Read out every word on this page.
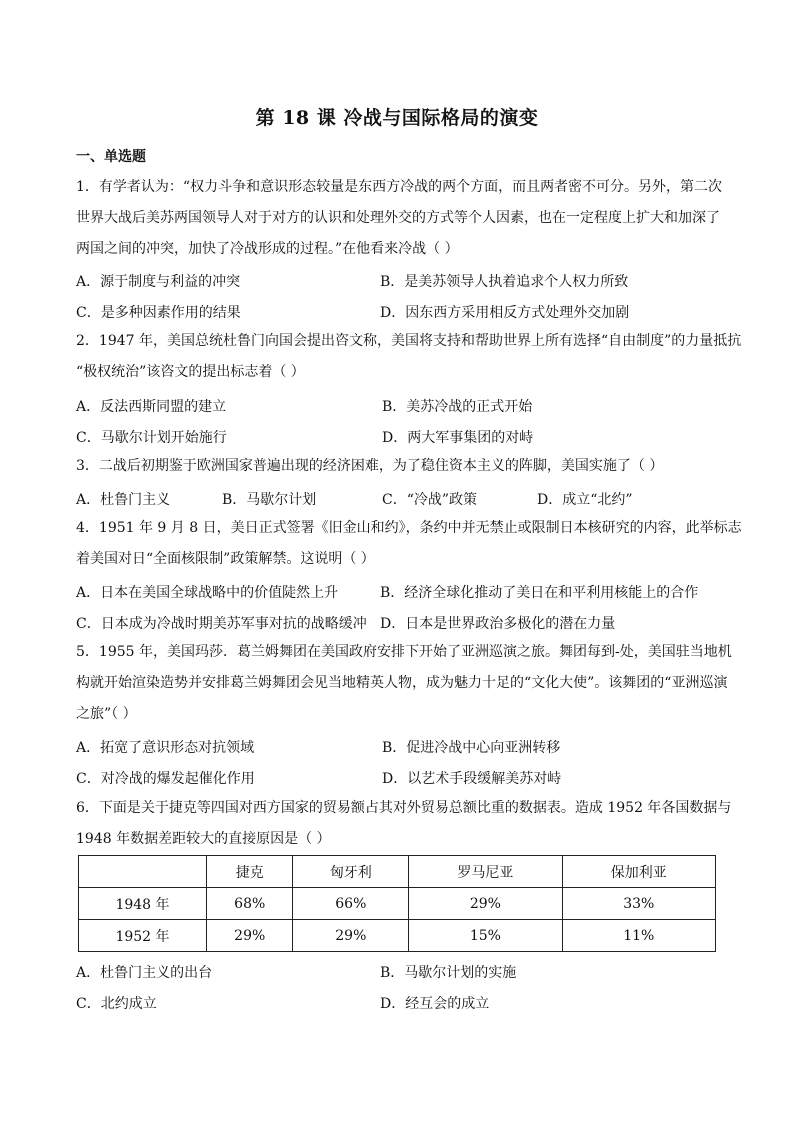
第 18 课 冷战与国际格局的演变
一、单选题
1．有学者认为：“权力斗争和意识形态较量是东西方冷战的两个方面，而且两者密不可分。另外，第二次
世界大战后美苏两国领导人对于对方的认识和处理外交的方式等个人因素，也在一定程度上扩大和加深了
两国之间的冲突，加快了冷战形成的过程。”在他看来冷战（ ）
A．源于制度与利益的冲突	B．是美苏领导人执着追求个人权力所致
C．是多种因素作用的结果	D．因东西方采用相反方式处理外交加剧
2．1947 年，美国总统杜鲁门向国会提出咨文称，美国将支持和帮助世界上所有选择“自由制度”的力量抵抗
“极权统治”该咨文的提出标志着（ ）
A．反法西斯同盟的建立	B．美苏冷战的正式开始
C．马歇尔计划开始施行	D．两大军事集团的对峙
3．二战后初期鉴于欧洲国家普遍出现的经济困难，为了稳住资本主义的阵脚，美国实施了（ ）
A．杜鲁门主义	B．马歇尔计划	C．“冷战”政策	D．成立“北约”
4．1951 年 9 月 8 日，美日正式签署《旧金山和约》，条约中并无禁止或限制日本核研究的内容，此举标志
着美国对日“全面核限制”政策解禁。这说明（ ）
A．日本在美国全球战略中的价值陡然上升	B．经济全球化推动了美日在和平利用核能上的合作
C．日本成为冷战时期美苏军事对抗的战略缓冲 D．日本是世界政治多极化的潜在力量
5．1955 年，美国玛莎．葛兰姆舞团在美国政府安排下开始了亚洲巡演之旅。舞团每到-处，美国驻当地机
构就开始渲染造势并安排葛兰姆舞团会见当地精英人物，成为魅力十足的“文化大使”。该舞团的“亚洲巡演
之旅”（ ）
A．拓宽了意识形态对抗领域	B．促进冷战中心向亚洲转移
C．对冷战的爆发起催化作用	D．以艺术手段缓解美苏对峙
6．下面是关于捷克等四国对西方国家的贸易额占其对外贸易总额比重的数据表。造成 1952 年各国数据与
1948 年数据差距较大的直接原因是（ ）
	捷克	匈牙利	罗马尼亚	保加利亚
1948 年	68%	66%	29%	33%
1952 年	29%	29%	15%	11%
A．杜鲁门主义的出台	B．马歇尔计划的实施
C．北约成立	D．经互会的成立
